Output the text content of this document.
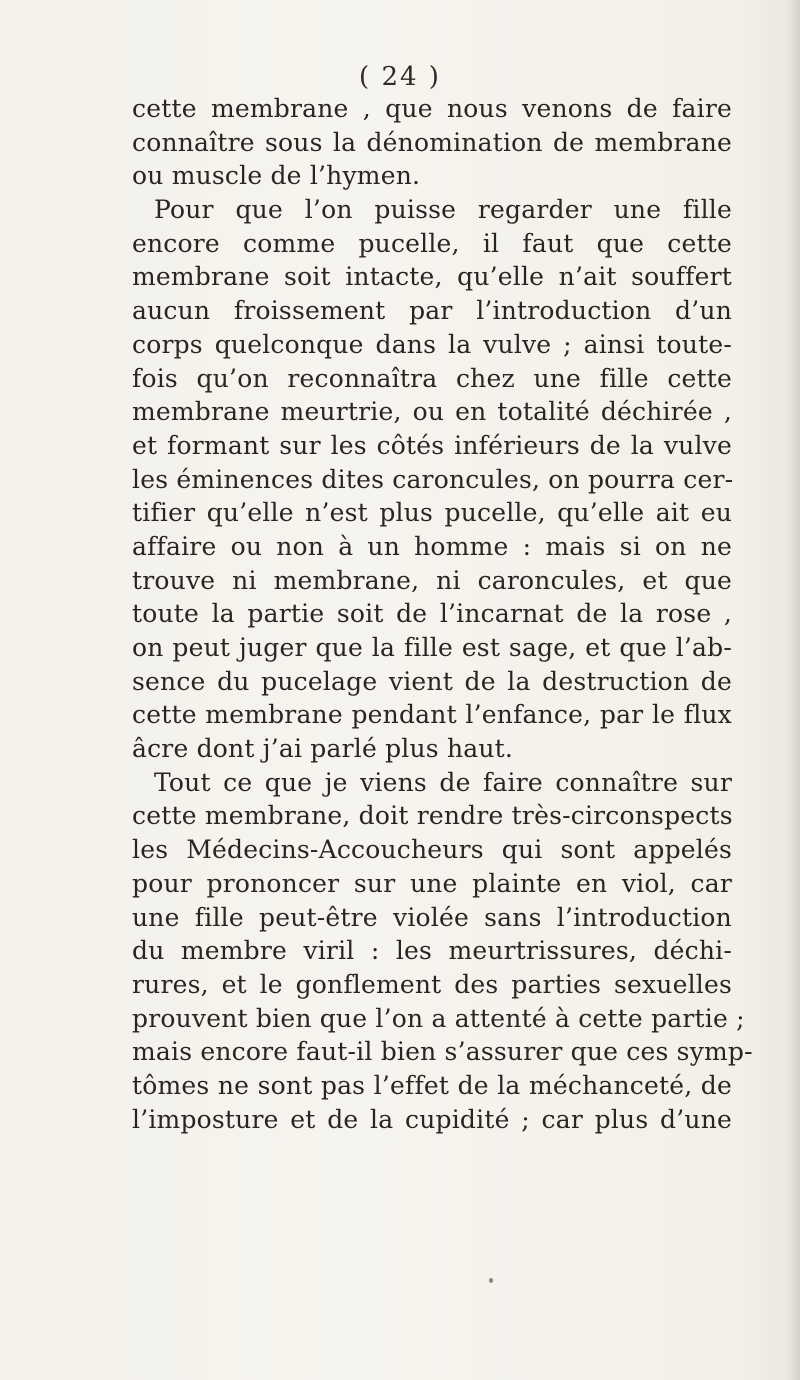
( 24 )
cette membrane , que nous venons de faire
connaître sous la dénomination de membrane
ou muscle de l’hymen.
Pour que l’on puisse regarder une fille
encore comme pucelle, il faut que cette
membrane soit intacte, qu’elle n’ait souffert
aucun froissement par l’introduction d’un
corps quelconque dans la vulve ; ainsi toute-
fois qu’on reconnaîtra chez une fille cette
membrane meurtrie, ou en totalité déchirée ,
et formant sur les côtés inférieurs de la vulve
les éminences dites caroncules, on pourra cer-
tifier qu’elle n’est plus pucelle, qu’elle ait eu
affaire ou non à un homme : mais si on ne
trouve ni membrane, ni caroncules, et que
toute la partie soit de l’incarnat de la rose ,
on peut juger que la fille est sage, et que l’ab-
sence du pucelage vient de la destruction de
cette membrane pendant l’enfance, par le flux
âcre dont j’ai parlé plus haut.
Tout ce que je viens de faire connaître sur
cette membrane, doit rendre très-circonspects
les Médecins-Accoucheurs qui sont appelés
pour prononcer sur une plainte en viol, car
une fille peut-être violée sans l’introduction
du membre viril : les meurtrissures, déchi-
rures, et le gonflement des parties sexuelles
prouvent bien que l’on a attenté à cette partie ;
mais encore faut-il bien s’assurer que ces symp-
tômes ne sont pas l’effet de la méchanceté, de
l’imposture et de la cupidité ; car plus d’une
